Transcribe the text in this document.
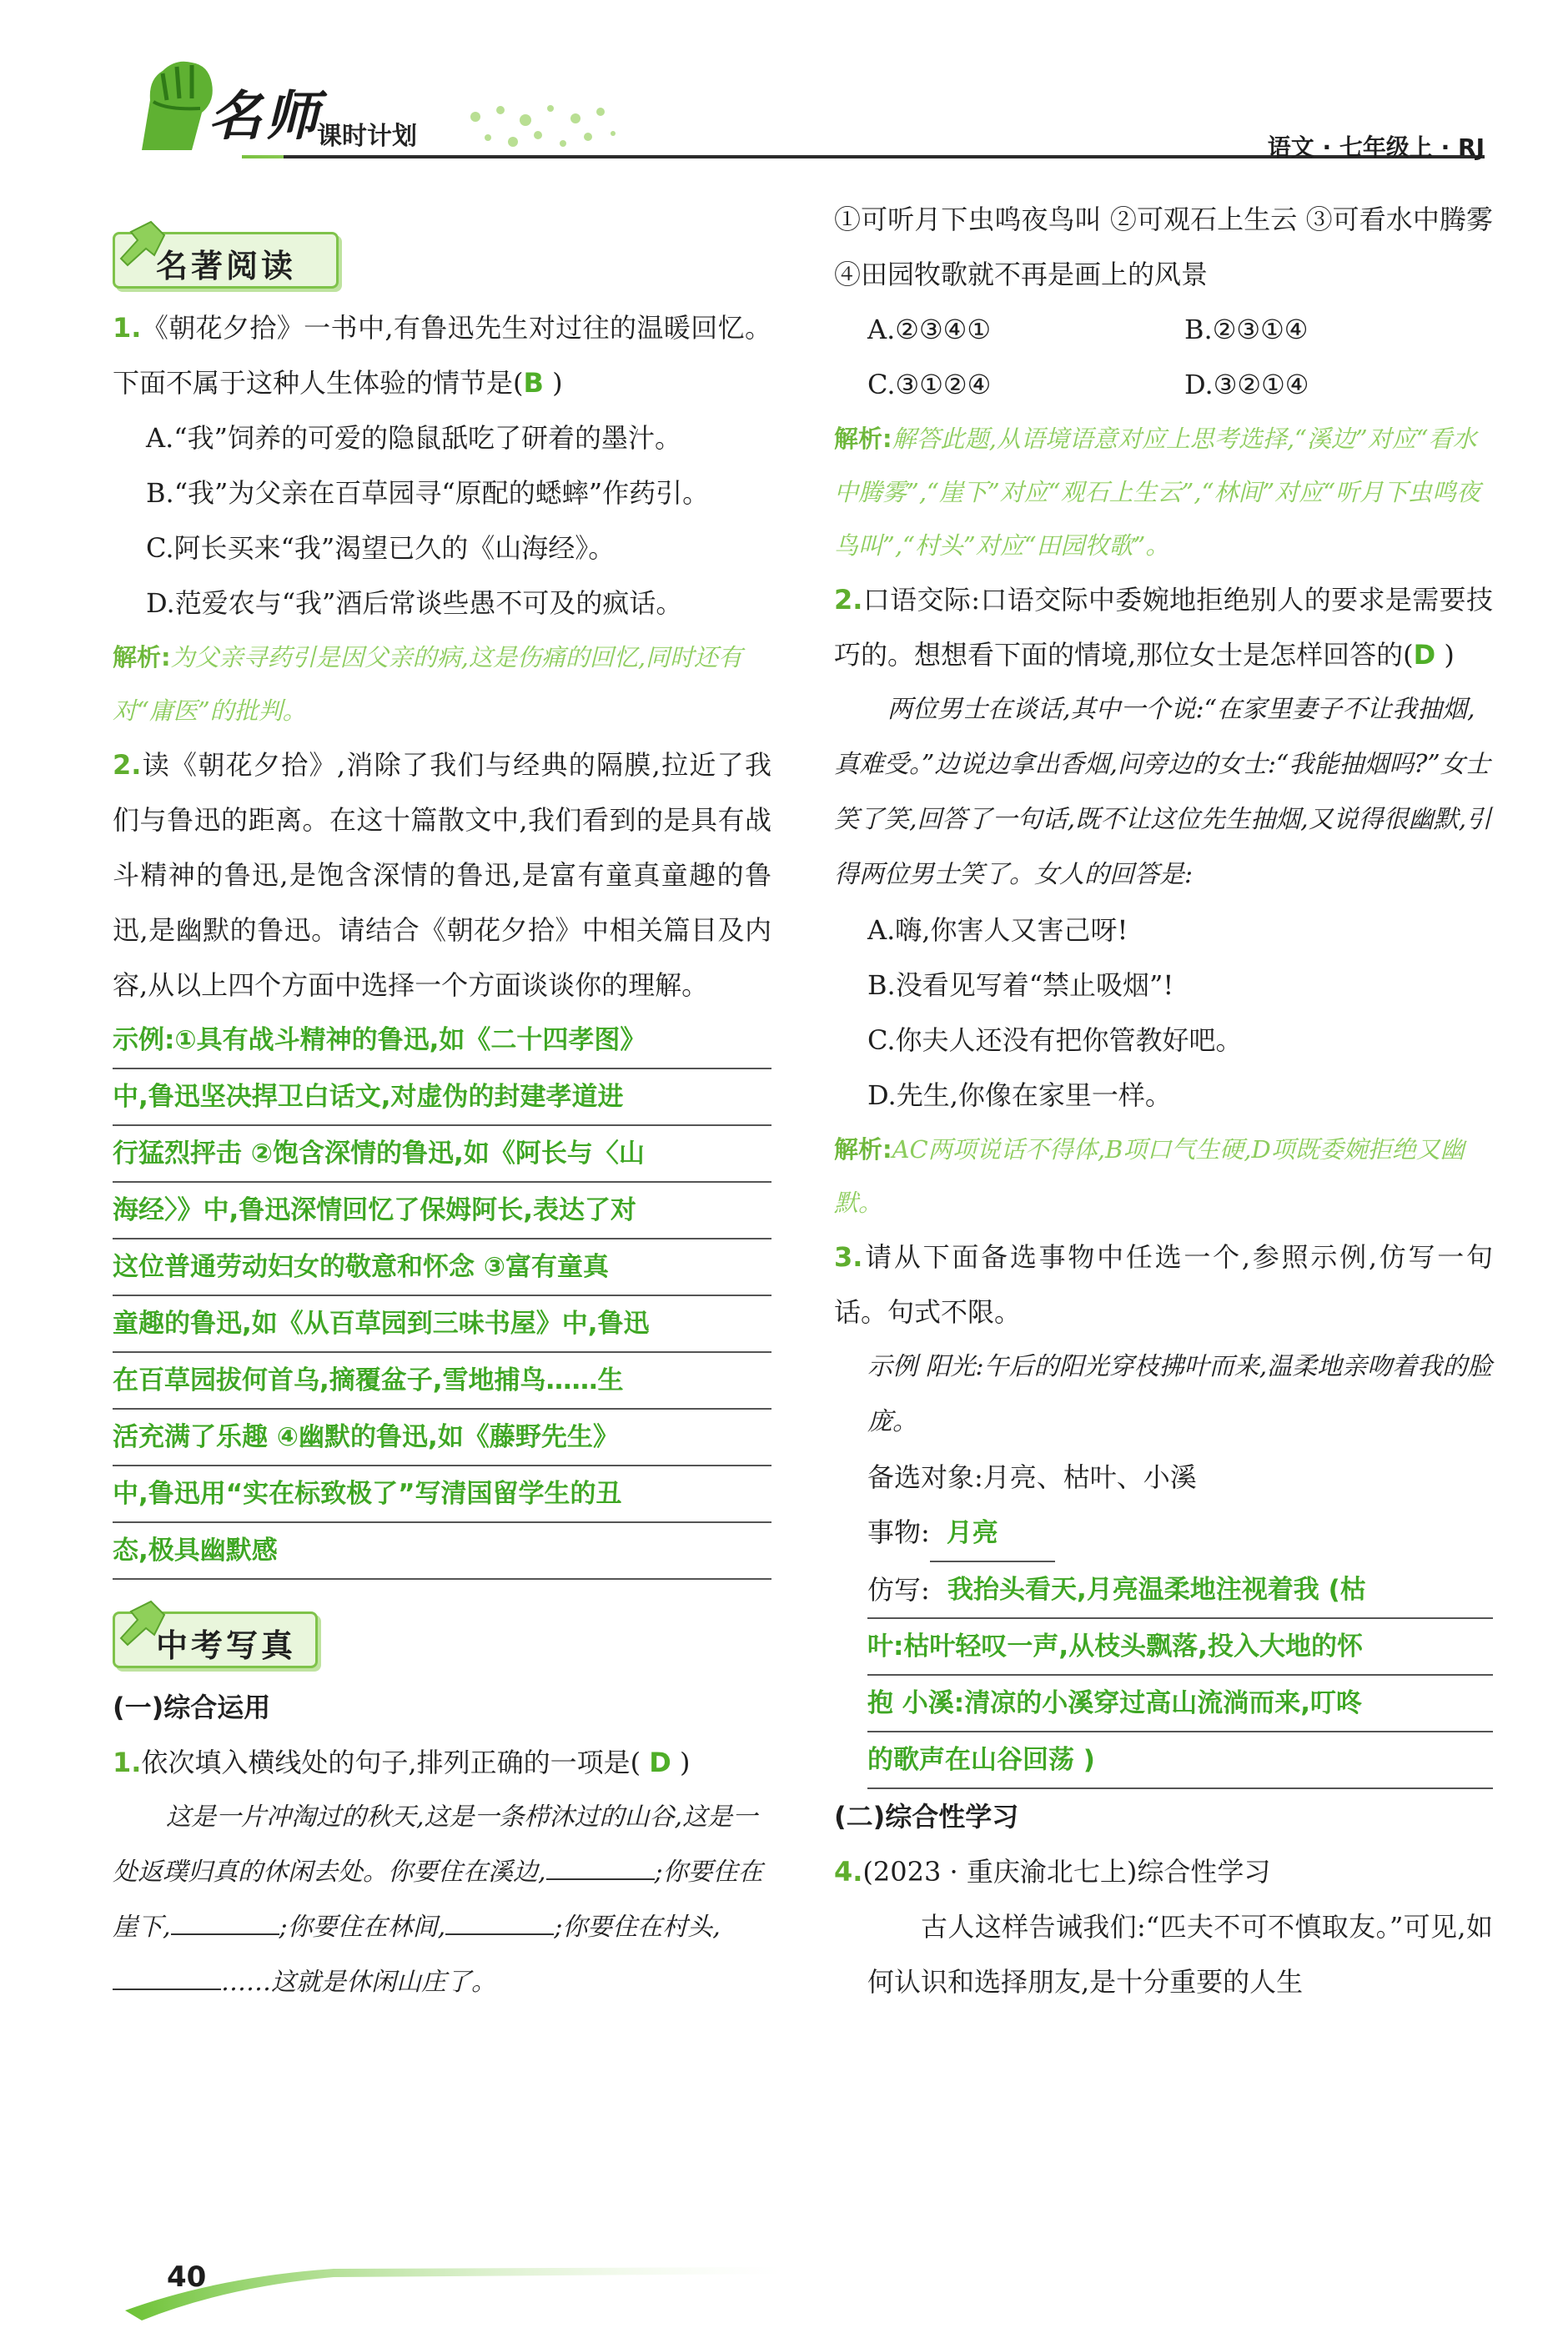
名师
课时计划	语文 · 七年级上 · RJ
名著阅读

1.《朝花夕拾》一书中,有鲁迅先生对过往的温暖回忆。下面不属于这种人生体验的情节是(B )

A.“我”饲养的可爱的隐鼠舐吃了研着的墨汁。

B.“我”为父亲在百草园寻“原配的蟋蟀”作药引。

C.阿长买来“我”渴望已久的《山海经》。

D.范爱农与“我”酒后常谈些愚不可及的疯话。

解析:为父亲寻药引是因父亲的病,这是伤痛的回忆,同时还有对“庸医”的批判。

2.读《朝花夕拾》,消除了我们与经典的隔膜,拉近了我们与鲁迅的距离。在这十篇散文中,我们看到的是具有战斗精神的鲁迅,是饱含深情的鲁迅,是富有童真童趣的鲁迅,是幽默的鲁迅。请结合《朝花夕拾》中相关篇目及内容,从以上四个方面中选择一个方面谈谈你的理解。

示例:①具有战斗精神的鲁迅,如《二十四孝图》
中,鲁迅坚决捍卫白话文,对虚伪的封建孝道进
行猛烈抨击 ②饱含深情的鲁迅,如《阿长与〈山
海经〉》中,鲁迅深情回忆了保姆阿长,表达了对
这位普通劳动妇女的敬意和怀念 ③富有童真
童趣的鲁迅,如《从百草园到三味书屋》中,鲁迅
在百草园拔何首乌,摘覆盆子,雪地捕鸟……生
活充满了乐趣 ④幽默的鲁迅,如《藤野先生》
中,鲁迅用“实在标致极了”写清国留学生的丑
态,极具幽默感
中考写真

(一)综合运用

1.依次填入横线处的句子,排列正确的一项是( D )

这是一片冲淘过的秋天,这是一条栉沐过的山谷,这是一处返璞归真的休闲去处。你要住在溪边,	;你要住在崖下,	;你要住在林间,	;你要住在村头,……这就是休闲山庄了。

①可听月下虫鸣夜鸟叫 ②可观石上生云 ③可看水中腾雾 ④田园牧歌就不再是画上的风景

A.②③④①	B.②③①④
C.③①②④	D.③②①④

解析:解答此题,从语境语意对应上思考选择,“溪边”对应“看水中腾雾”,“崖下”对应“观石上生云”,“林间”对应“听月下虫鸣夜鸟叫”,“村头”对应“田园牧歌”。

2.口语交际:口语交际中委婉地拒绝别人的要求是需要技巧的。想想看下面的情境,那位女士是怎样回答的(D )

两位男士在谈话,其中一个说:“在家里妻子不让我抽烟,真难受。”边说边拿出香烟,问旁边的女士:“我能抽烟吗?”女士笑了笑,回答了一句话,既不让这位先生抽烟,又说得很幽默,引得两位男士笑了。女人的回答是:

A.嗨,你害人又害己呀!

B.没看见写着“禁止吸烟”!

C.你夫人还没有把你管教好吧。

D.先生,你像在家里一样。

解析:AC两项说话不得体,B项口气生硬,D项既委婉拒绝又幽默。

3.请从下面备选事物中任选一个,参照示例,仿写一句话。句式不限。

示例 阳光:午后的阳光穿枝拂叶而来,温柔地亲吻着我的脸庞。

备选对象:月亮、枯叶、小溪

事物: 月亮

仿写: 我抬头看天,月亮温柔地注视着我 (枯
叶:枯叶轻叹一声,从枝头飘落,投入大地的怀
抱 小溪:清凉的小溪穿过高山流淌而来,叮咚
的歌声在山谷回荡 )

(二)综合性学习

4.(2023 · 重庆渝北七上)综合性学习

古人这样告诫我们:“匹夫不可不慎取友。”可见,如何认识和选择朋友,是十分重要的人生

40
